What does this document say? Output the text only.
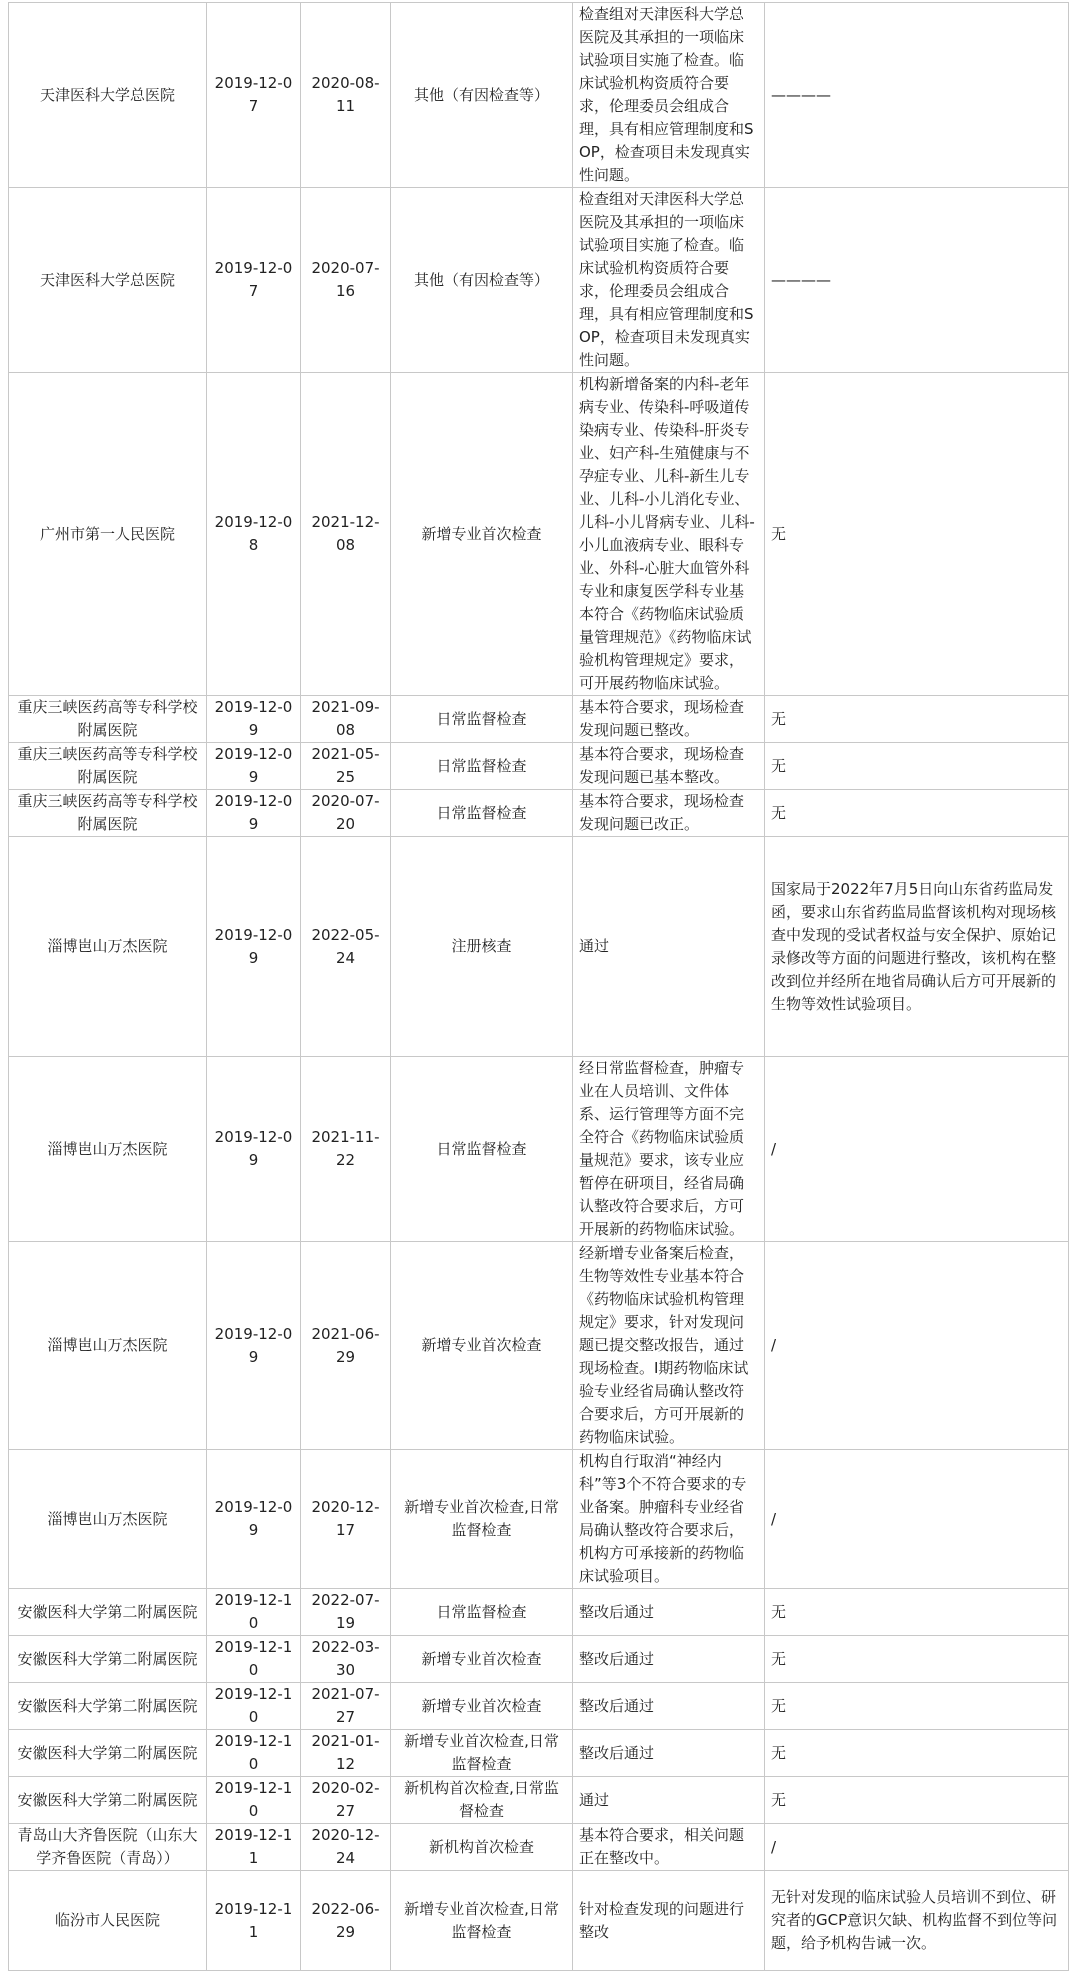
天津医科大学总医院	2019-12-07	2020-08-11	其他（有因检查等）	检查组对天津医科大学总医院及其承担的一项临床试验项目实施了检查。临床试验机构资质符合要求，伦理委员会组成合理，具有相应管理制度和SOP，检查项目未发现真实性问题。	————
天津医科大学总医院	2019-12-07	2020-07-16	其他（有因检查等）	检查组对天津医科大学总医院及其承担的一项临床试验项目实施了检查。临床试验机构资质符合要求，伦理委员会组成合理，具有相应管理制度和SOP，检查项目未发现真实性问题。	————
广州市第一人民医院	2019-12-08	2021-12-08	新增专业首次检查	机构新增备案的内科-老年病专业、传染科-呼吸道传染病专业、传染科-肝炎专业、妇产科-生殖健康与不孕症专业、儿科-新生儿专业、儿科-小儿消化专业、儿科-小儿肾病专业、儿科-小儿血液病专业、眼科专业、外科-心脏大血管外科专业和康复医学科专业基本符合《药物临床试验质量管理规范》《药物临床试验机构管理规定》要求，可开展药物临床试验。	无
重庆三峡医药高等专科学校附属医院	2019-12-09	2021-09-08	日常监督检查	基本符合要求，现场检查发现问题已整改。	无
重庆三峡医药高等专科学校附属医院	2019-12-09	2021-05-25	日常监督检查	基本符合要求，现场检查发现问题已基本整改。	无
重庆三峡医药高等专科学校附属医院	2019-12-09	2020-07-20	日常监督检查	基本符合要求，现场检查发现问题已改正。	无
淄博岜山万杰医院	2019-12-09	2022-05-24	注册核查	通过	国家局于2022年7月5日向山东省药监局发函，要求山东省药监局监督该机构对现场核查中发现的受试者权益与安全保护、原始记录修改等方面的问题进行整改，该机构在整改到位并经所在地省局确认后方可开展新的生物等效性试验项目。
淄博岜山万杰医院	2019-12-09	2021-11-22	日常监督检查	经日常监督检查，肿瘤专业在人员培训、文件体系、运行管理等方面不完全符合《药物临床试验质量规范》要求，该专业应暂停在研项目，经省局确认整改符合要求后，方可开展新的药物临床试验。	/
淄博岜山万杰医院	2019-12-09	2021-06-29	新增专业首次检查	经新增专业备案后检查，生物等效性专业基本符合《药物临床试验机构管理规定》要求，针对发现问题已提交整改报告，通过现场检查。I期药物临床试验专业经省局确认整改符合要求后，方可开展新的药物临床试验。	/
淄博岜山万杰医院	2019-12-09	2020-12-17	新增专业首次检查,日常监督检查	机构自行取消“神经内科”等3个不符合要求的专业备案。肿瘤科专业经省局确认整改符合要求后，机构方可承接新的药物临床试验项目。	/
安徽医科大学第二附属医院	2019-12-10	2022-07-19	日常监督检查	整改后通过	无
安徽医科大学第二附属医院	2019-12-10	2022-03-30	新增专业首次检查	整改后通过	无
安徽医科大学第二附属医院	2019-12-10	2021-07-27	新增专业首次检查	整改后通过	无
安徽医科大学第二附属医院	2019-12-10	2021-01-12	新增专业首次检查,日常监督检查	整改后通过	无
安徽医科大学第二附属医院	2019-12-10	2020-02-27	新机构首次检查,日常监督检查	通过	无
青岛山大齐鲁医院（山东大学齐鲁医院（青岛））	2019-12-11	2020-12-24	新机构首次检查	基本符合要求，相关问题正在整改中。	/
临汾市人民医院	2019-12-11	2022-06-29	新增专业首次检查,日常监督检查	针对检查发现的问题进行整改	无针对发现的临床试验人员培训不到位、研究者的GCP意识欠缺、机构监督不到位等问题，给予机构告诫一次。
